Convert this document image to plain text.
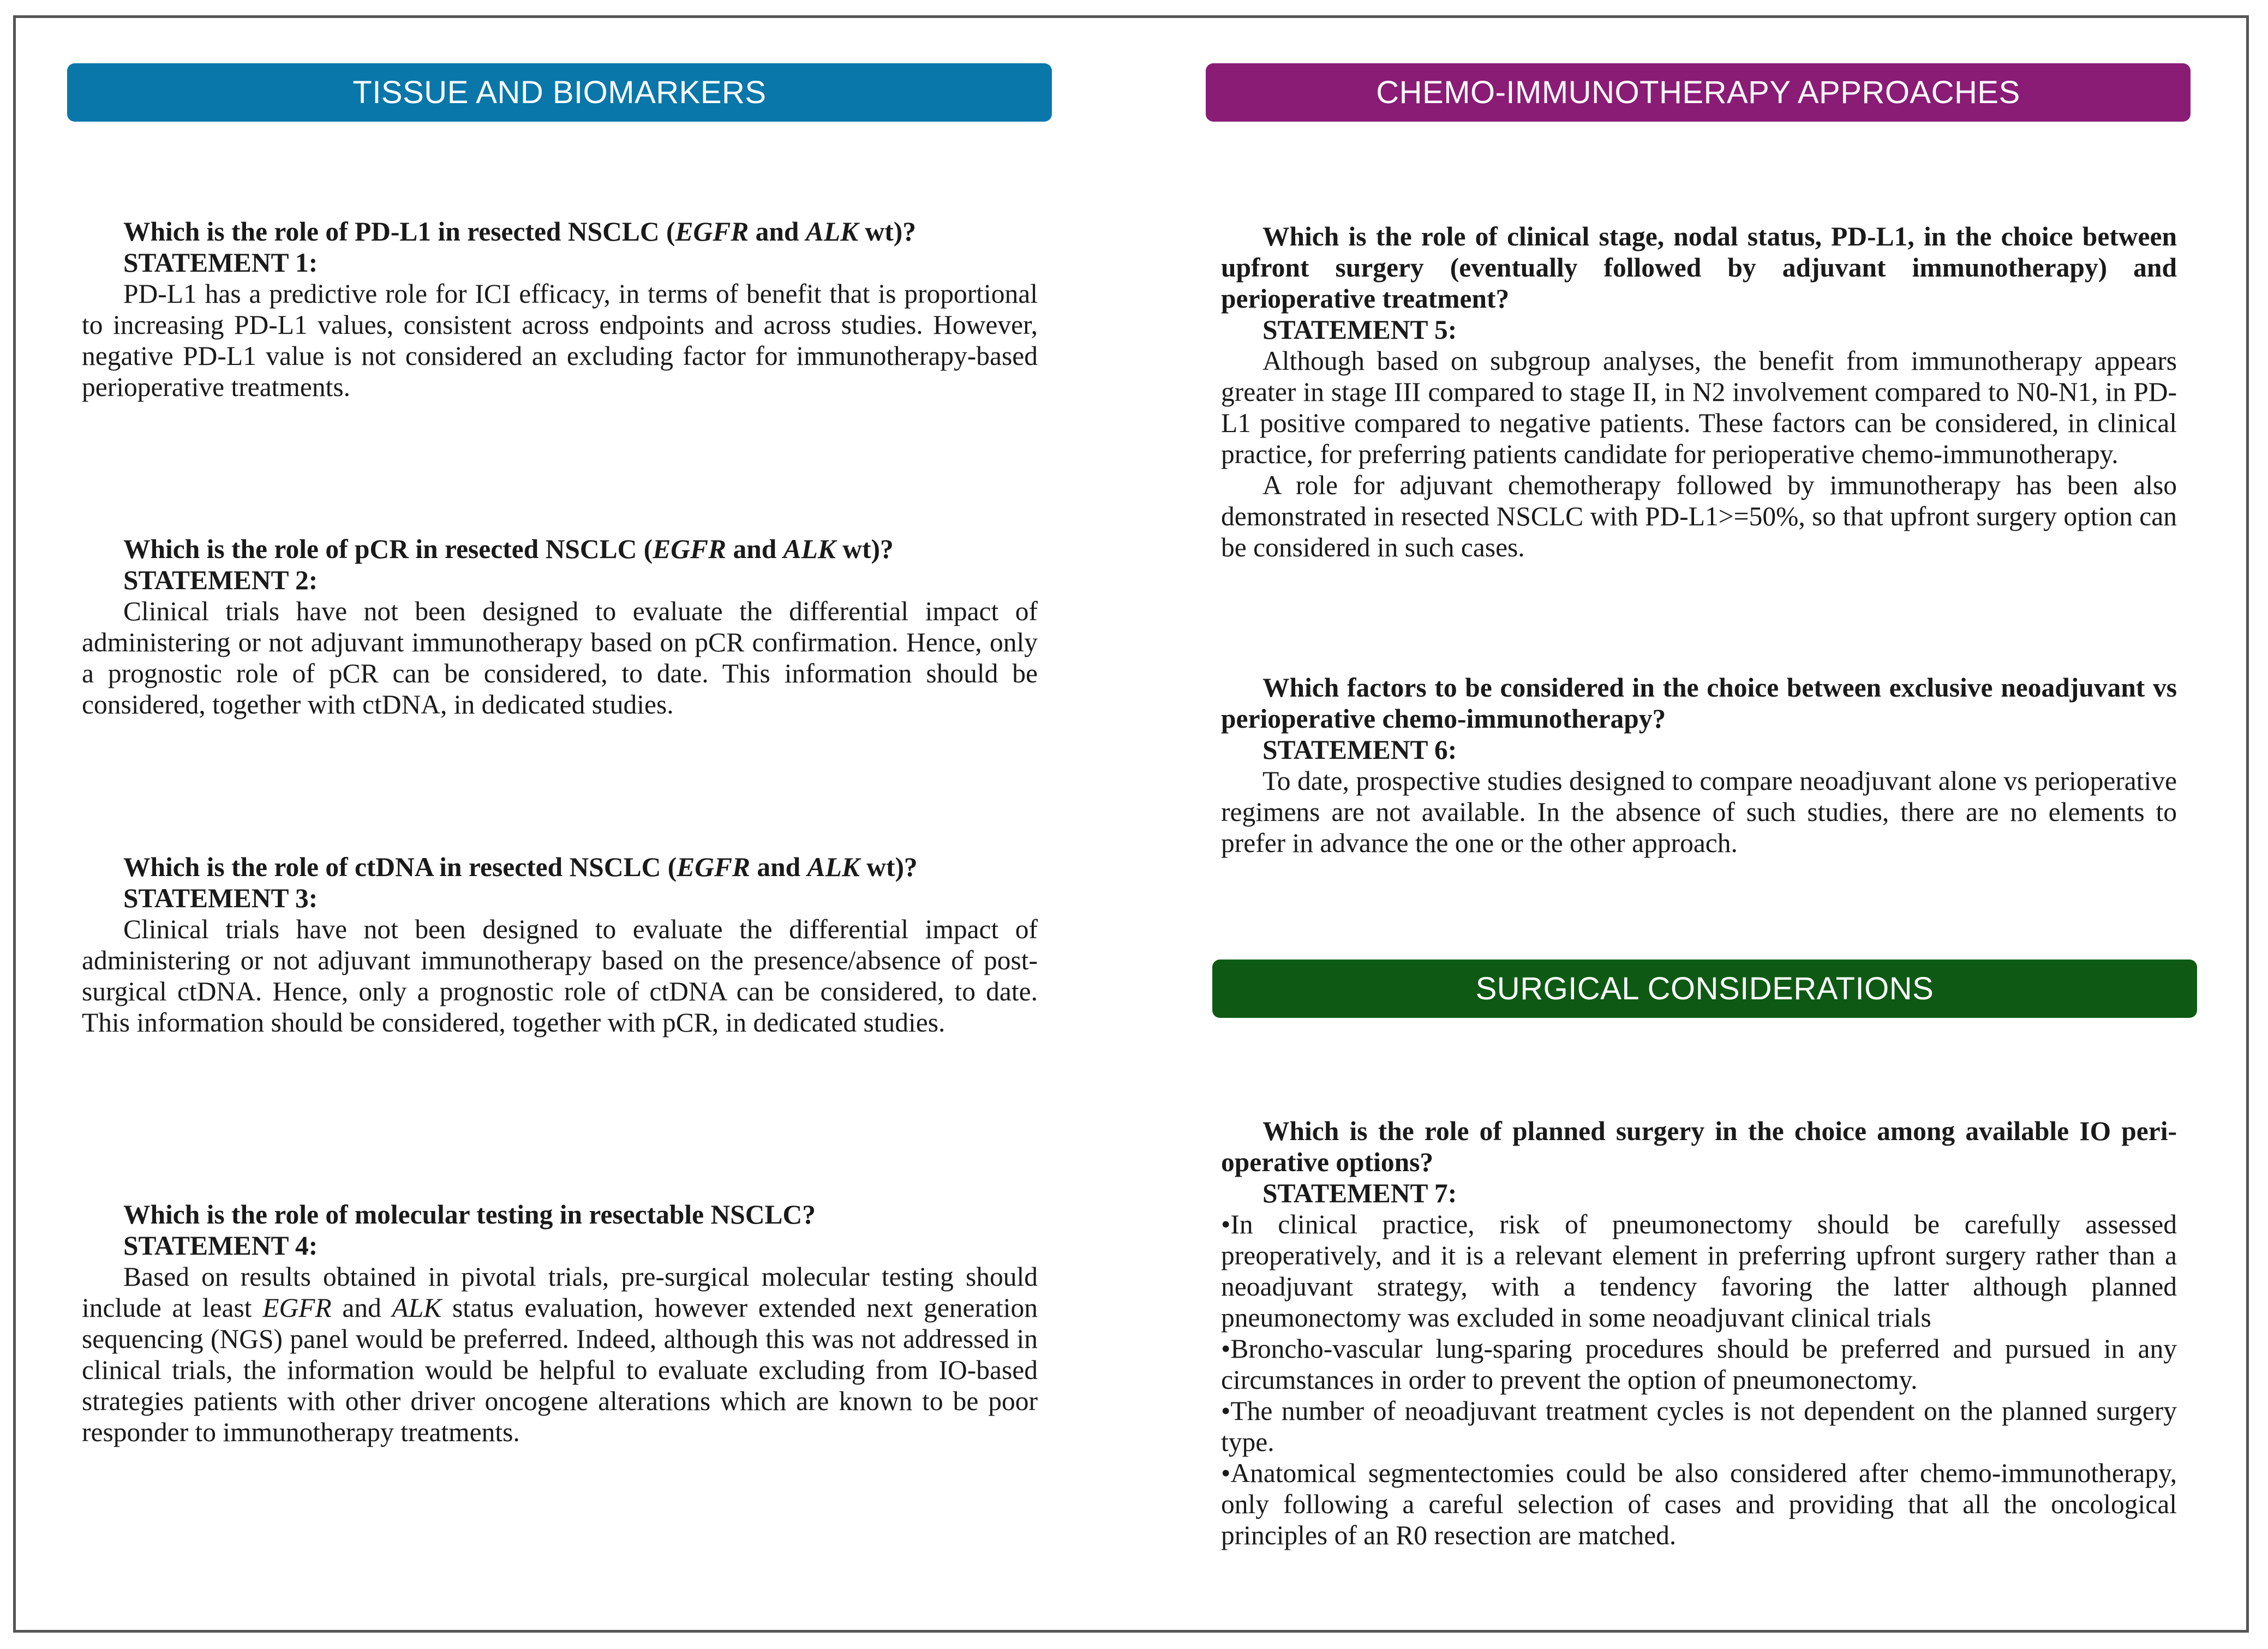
TISSUE AND BIOMARKERS

Which is the role of PD-L1 in resected NSCLC (EGFR and ALK wt)?

STATEMENT 1:

PD-L1 has a predictive role for ICI efficacy, in terms of benefit that is proportional to increasing PD-L1 values, consistent across endpoints and across studies. However, negative PD-L1 value is not considered an excluding factor for immunotherapy-based perioperative treatments.

Which is the role of pCR in resected NSCLC (EGFR and ALK wt)?

STATEMENT 2:

Clinical trials have not been designed to evaluate the differential impact of administering or not adjuvant immunotherapy based on pCR confirmation. Hence, only a prognostic role of pCR can be considered, to date. This information should be considered, together with ctDNA, in dedicated studies.

Which is the role of ctDNA in resected NSCLC (EGFR and ALK wt)?

STATEMENT 3:

Clinical trials have not been designed to evaluate the differential impact of administering or not adjuvant immunotherapy based on the presence/absence of post-surgical ctDNA. Hence, only a prognostic role of ctDNA can be considered, to date. This information should be considered, together with pCR, in dedicated studies.

Which is the role of molecular testing in resectable NSCLC?

STATEMENT 4:

Based on results obtained in pivotal trials, pre-surgical molecular testing should include at least EGFR and ALK status evaluation, however extended next generation sequencing (NGS) panel would be preferred. Indeed, although this was not addressed in clinical trials, the information would be helpful to evaluate excluding from IO-based strategies patients with other driver oncogene alterations which are known to be poor responder to immunotherapy treatments.

CHEMO-IMMUNOTHERAPY APPROACHES

Which is the role of clinical stage, nodal status, PD-L1, in the choice between upfront surgery (eventually followed by adjuvant immunotherapy) and perioperative treatment?

STATEMENT 5:

Although based on subgroup analyses, the benefit from immunotherapy appears greater in stage III compared to stage II, in N2 involvement compared to N0-N1, in PD-L1 positive compared to negative patients. These factors can be considered, in clinical practice, for preferring patients candidate for perioperative chemo-immunotherapy.

A role for adjuvant chemotherapy followed by immunotherapy has been also demonstrated in resected NSCLC with PD-L1>=50%, so that upfront surgery option can be considered in such cases.

Which factors to be considered in the choice between exclusive neoadjuvant vs perioperative chemo-immunotherapy?

STATEMENT 6:

To date, prospective studies designed to compare neoadjuvant alone vs perioperative regimens are not available. In the absence of such studies, there are no elements to prefer in advance the one or the other approach.

SURGICAL CONSIDERATIONS

Which is the role of planned surgery in the choice among available IO peri-operative options?

STATEMENT 7:

•In clinical practice, risk of pneumonectomy should be carefully assessed preoperatively, and it is a relevant element in preferring upfront surgery rather than a neoadjuvant strategy, with a tendency favoring the latter although planned pneumonectomy was excluded in some neoadjuvant clinical trials

•Broncho-vascular lung-sparing procedures should be preferred and pursued in any circumstances in order to prevent the option of pneumonectomy.

•The number of neoadjuvant treatment cycles is not dependent on the planned surgery type.

•Anatomical segmentectomies could be also considered after chemo-immunotherapy, only following a careful selection of cases and providing that all the oncological principles of an R0 resection are matched.
